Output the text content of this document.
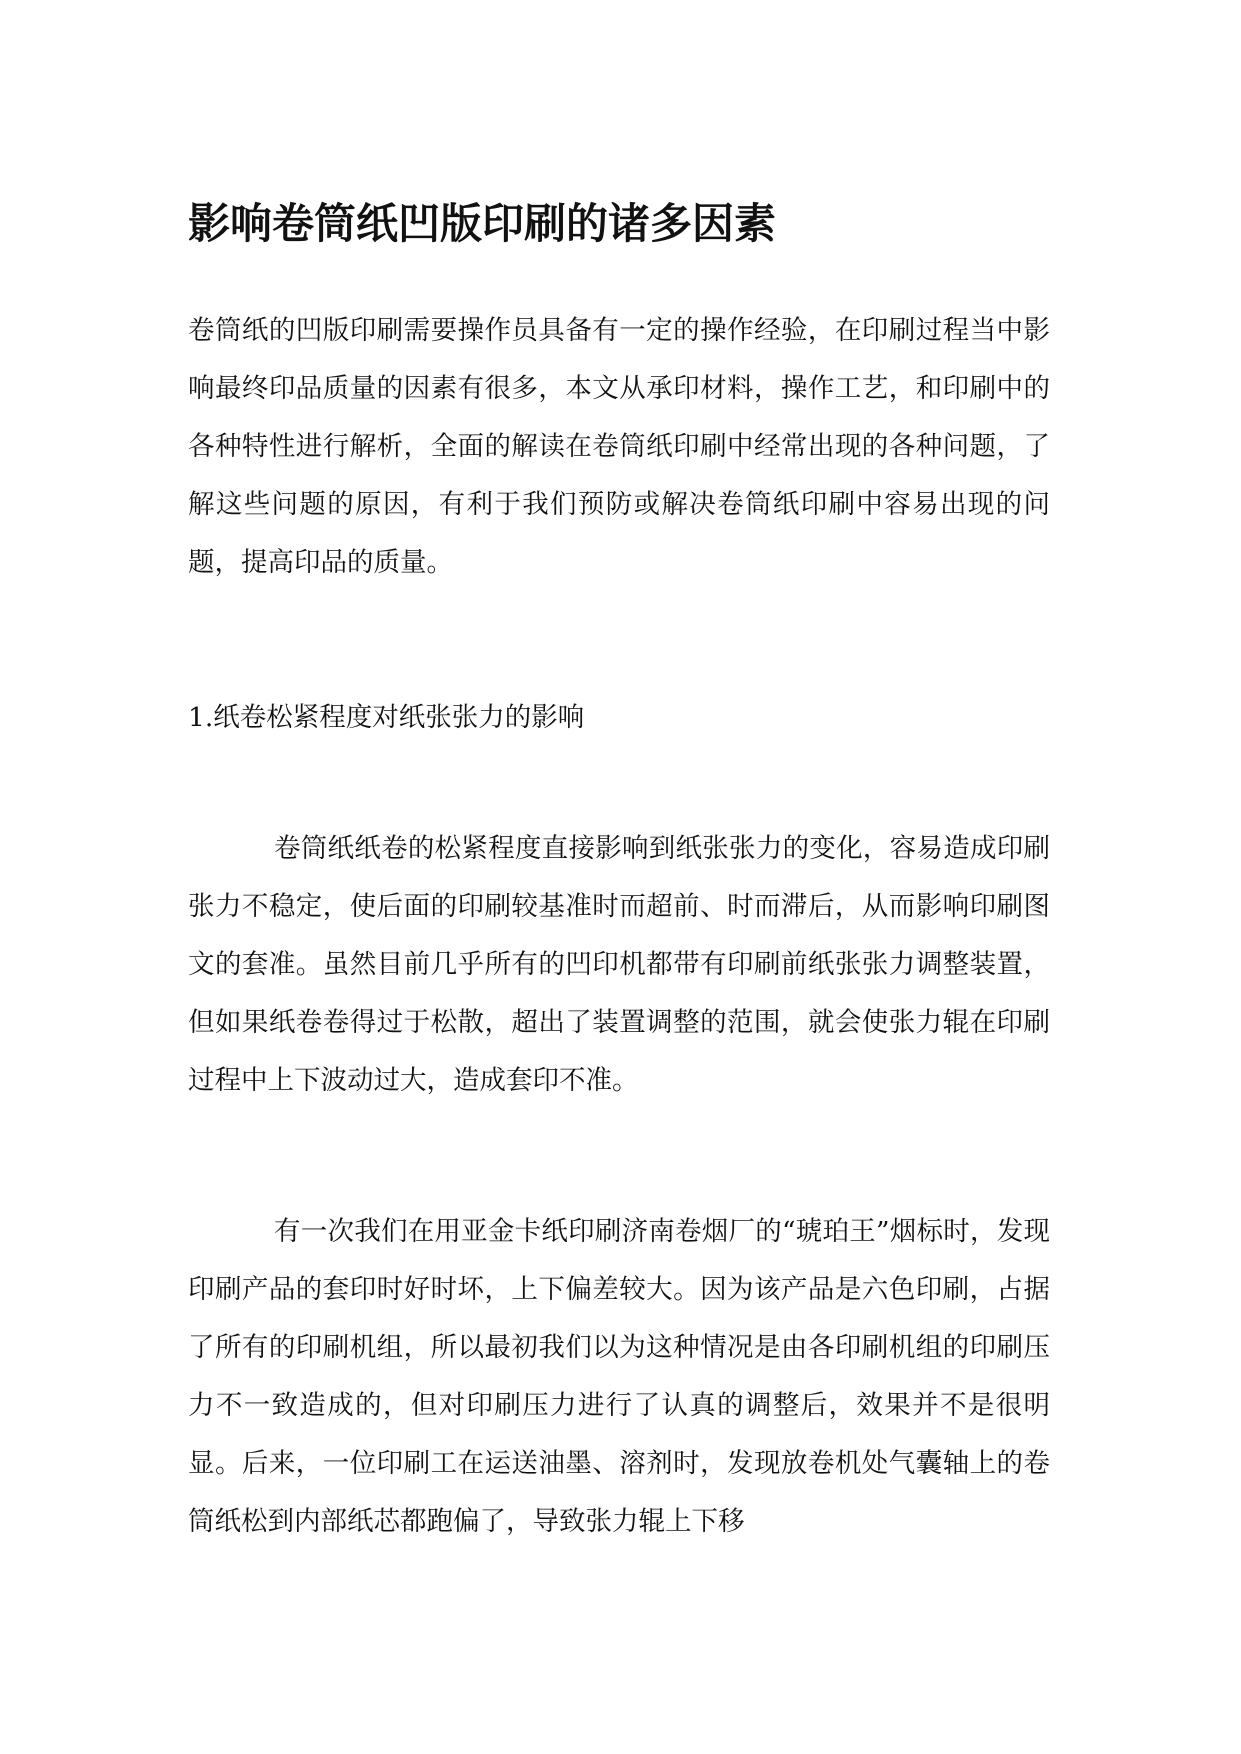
影响卷筒纸凹版印刷的诸多因素

卷筒纸的凹版印刷需要操作员具备有一定的操作经验，在印刷过程当中影响最终印品质量的因素有很多，本文从承印材料，操作工艺，和印刷中的各种特性进行解析，全面的解读在卷筒纸印刷中经常出现的各种问题，了解这些问题的原因，有利于我们预防或解决卷筒纸印刷中容易出现的问题，提高印品的质量。

1.纸卷松紧程度对纸张张力的影响

卷筒纸纸卷的松紧程度直接影响到纸张张力的变化，容易造成印刷张力不稳定，使后面的印刷较基准时而超前、时而滞后，从而影响印刷图文的套准。虽然目前几乎所有的凹印机都带有印刷前纸张张力调整装置，但如果纸卷卷得过于松散，超出了装置调整的范围，就会使张力辊在印刷过程中上下波动过大，造成套印不准。

有一次我们在用亚金卡纸印刷济南卷烟厂的“琥珀王”烟标时，发现印刷产品的套印时好时坏，上下偏差较大。因为该产品是六色印刷，占据了所有的印刷机组，所以最初我们以为这种情况是由各印刷机组的印刷压力不一致造成的，但对印刷压力进行了认真的调整后，效果并不是很明显。后来，一位印刷工在运送油墨、溶剂时，发现放卷机处气囊轴上的卷筒纸松到内部纸芯都跑偏了，导致张力辊上下移
